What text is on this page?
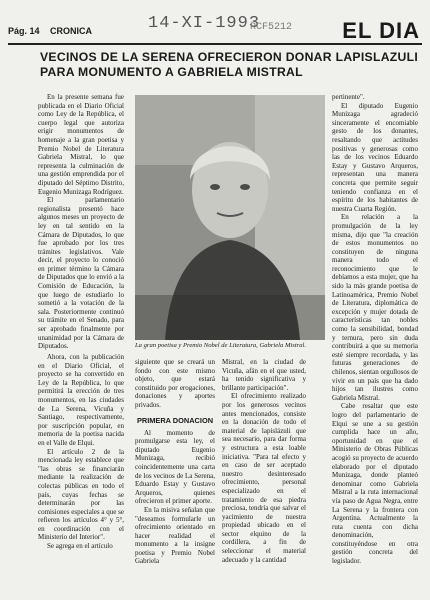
Pág. 14 CRONICA	14-XI-1993
RCF5212 EL DIA
VECINOS DE LA SERENA OFRECIERON DONAR LAPISLAZULI PARA MONUMENTO A GABRIELA MISTRAL

En la presente semana fue publicada en el Diario Oficial como Ley de la República, el cuerpo legal que autoriza erigir monumentos de homenaje a la gran poetisa y Premio Nobel de Literatura Gabriela Mistral, lo que representa la culminación de una gestión emprendida por el diputado del Séptimo Distrito, Eugenio Munizaga Rodríguez.

El parlamentario regionalista presentó hace algunos meses un proyecto de ley en tal sentido en la Cámara de Diputados, lo que fue aprobado por los tres trámites legislativos. Vale decir, el proyecto lo conoció en primer término la Cámara de Diputados que lo envió a la Comisión de Educación, la que luego de estudiarlo lo sometió a la votación de la sala. Posteriormente continuó su trámite en el Senado, para ser aprobado finalmente por unanimidad por la Cámara de Diputados.	La gran poetisa y Premio Nobel de Literatura, Gabriela Mistral.

Ahora, con la publicación en el Diario Oficial, el proyecto se ha convertido en Ley de la República, lo que permitirá la erección de tres monumentos, en las ciudades de La Serena, Vicuña y Santiago, respectivamente, por suscripción popular, en memoria de la poetisa nacida en el Valle de Elqui.

El artículo 2 de la mencionada ley establece que "las obras se financiarán mediante la realización de colectas públicas en todo el país, cuyas fechas se determinarán por las comisiones especiales a que se refieren los artículos 4° y 5°, en coordinación con el Ministerio del Interior".

Se agrega en el artículo

siguiente que se creará un fondo con este mismo objeto, que estará constituido por erogaciones, donaciones y aportes privados.

PRIMERA DONACION

Al momento de promulgarse esta ley, el diputado Eugenio Munizaga, recibió coincidentemente una carta de los vecinos de La Serena, Eduardo Estay y Gustavo Arqueros, quienes ofrecieron el primer aporte.

En la misiva señalan que "deseamos formularle un ofrecimiento orientado en hacer realidad el monumento a la insigne poetisa y Premio Nobel Gabriela

Mistral, en la ciudad de Vicuña, afán en el que usted, ha tenido significativa y brillante participación".

El ofrecimiento realizado por los generosos vecinos antes mencionados, consiste en la donación de todo el material de lapislázuli que sea necesario, para dar forma y estructura a esta loable iniciativa. "Para tal efecto y en caso de ser aceptado nuestro desinteresado ofrecimiento, personal especializado en el tratamiento de esa piedra preciosa, tendría que salvar el yacimiento de nuestra propiedad ubicado en el sector elquino de la cordillera, a fin de seleccionar el material adecuado y la cantidad

pertinente".

El diputado Eugenio Munizaga agradeció sinceramente el encomiable gesto de los donantes, resaltando que actitudes positivas y generosas como las de los vecinos Eduardo Estay y Gustavo Arqueros, representan una manera concreta que permite seguir teniendo confianza en el espíritu de los habitantes de nuestra Cuarta Región.

En relación a la promulgación de la ley misma, dijo que "la creación de estos monumentos no constituyen de ninguna manera todo el reconocimiento que le debíamos a esta mujer, que ha sido la más grande poetisa de Latinoamérica, Premio Nobel de Literatura, diplomática de excepción y mujer dotada de características tan nobles como la sensibilidad, bondad y ternura, pero sin duda contribuirá a que su memoria esté siempre recordada, y las futuras generaciones de chilenos, sientan orgullosos de vivir en un país que ha dado hijos tan ilustres como Gabriela Mistral.

Cabe resaltar que este logro del parlamentario de Elqui se une a su gestión cumplida hace un año, oportunidad en que el Ministerio de Obras Públicas acogió su proyecto de acuerdo elaborado por el diputado Munizaga, donde planteó denominar como Gabriela Mistral a la ruta internacional vía paso de Agua Negra, entre La Serena y la frontera con Argentina. Actualmente la ruta cuenta con dicha denominación, constituyéndose en otra gestión concreta del legislador.
